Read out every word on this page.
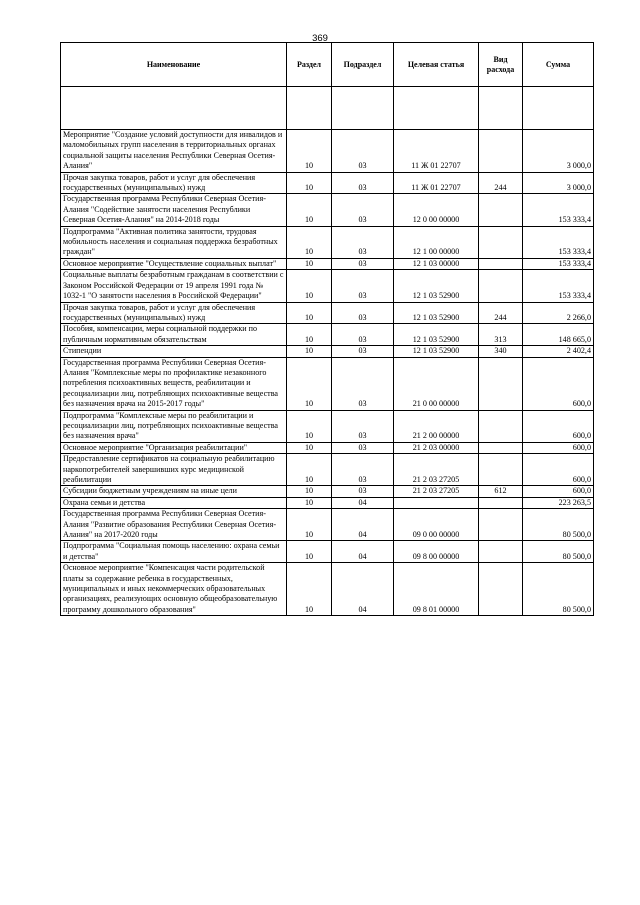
369
Наименование	Раздел	Подраздел	Целевая статья	Вид расхода	Сумма

Мероприятие "Создание условий доступности для инвалидов и маломобильных групп населения в территориальных органах социальной защиты населения Республики Северная Осетия-Алания"	10	03	11 Ж 01 22707		3 000,0
Прочая закупка товаров, работ и услуг для обеспечения государственных (муниципальных) нужд	10	03	11 Ж 01 22707	244	3 000,0
Государственная программа Республики Северная Осетия-Алания "Содействие занятости населения Республики Северная Осетия-Алания" на 2014-2018 годы	10	03	12 0 00 00000		153 333,4
Подпрограмма "Активная политика занятости, трудовая мобильность населения и социальная поддержка безработных граждан"	10	03	12 1 00 00000		153 333,4
Основное мероприятие "Осуществление социальных выплат"	10	03	12 1 03 00000		153 333,4
Социальные выплаты безработным гражданам в соответствии с Законом Российской Федерации от 19 апреля 1991 года № 1032-1 "О занятости населения в Российской Федерации"	10	03	12 1 03 52900		153 333,4
Прочая закупка товаров, работ и услуг для обеспечения государственных (муниципальных) нужд	10	03	12 1 03 52900	244	2 266,0
Пособия, компенсации, меры социальной поддержки по публичным нормативным обязательствам	10	03	12 1 03 52900	313	148 665,0
Стипендии	10	03	12 1 03 52900	340	2 402,4
Государственная программа Республики Северная Осетия-Алания "Комплексные меры по профилактике незаконного потребления психоактивных веществ, реабилитации и ресоциализации лиц, потребляющих психоактивные вещества без назначения врача на 2015-2017 годы"	10	03	21 0 00 00000		600,0
Подпрограмма "Комплексные меры по реабилитации и ресоциализации лиц, потребляющих психоактивные вещества без назначения врача"	10	03	21 2 00 00000		600,0
Основное мероприятие "Организация реабилитации"	10	03	21 2 03 00000		600,0
Предоставление сертификатов на социальную реабилитацию наркопотребителей завершивших курс медицинской реабилитации	10	03	21 2 03 27205		600,0
Субсидии бюджетным учреждениям на иные цели	10	03	21 2 03 27205	612	600,0
Охрана семьи и детства	10	04			223 263,5
Государственная программа Республики Северная Осетия-Алания "Развитие образования Республики Северная Осетия-Алания" на 2017-2020 годы	10	04	09 0 00 00000		80 500,0
Подпрограмма "Социальная помощь населению: охрана семьи и детства"	10	04	09 8 00 00000		80 500,0
Основное мероприятие "Компенсация части родительской платы за содержание ребенка в государственных, муниципальных и иных некоммерческих образовательных организациях, реализующих основную общеобразовательную программу дошкольного образования"	10	04	09 8 01 00000		80 500,0
